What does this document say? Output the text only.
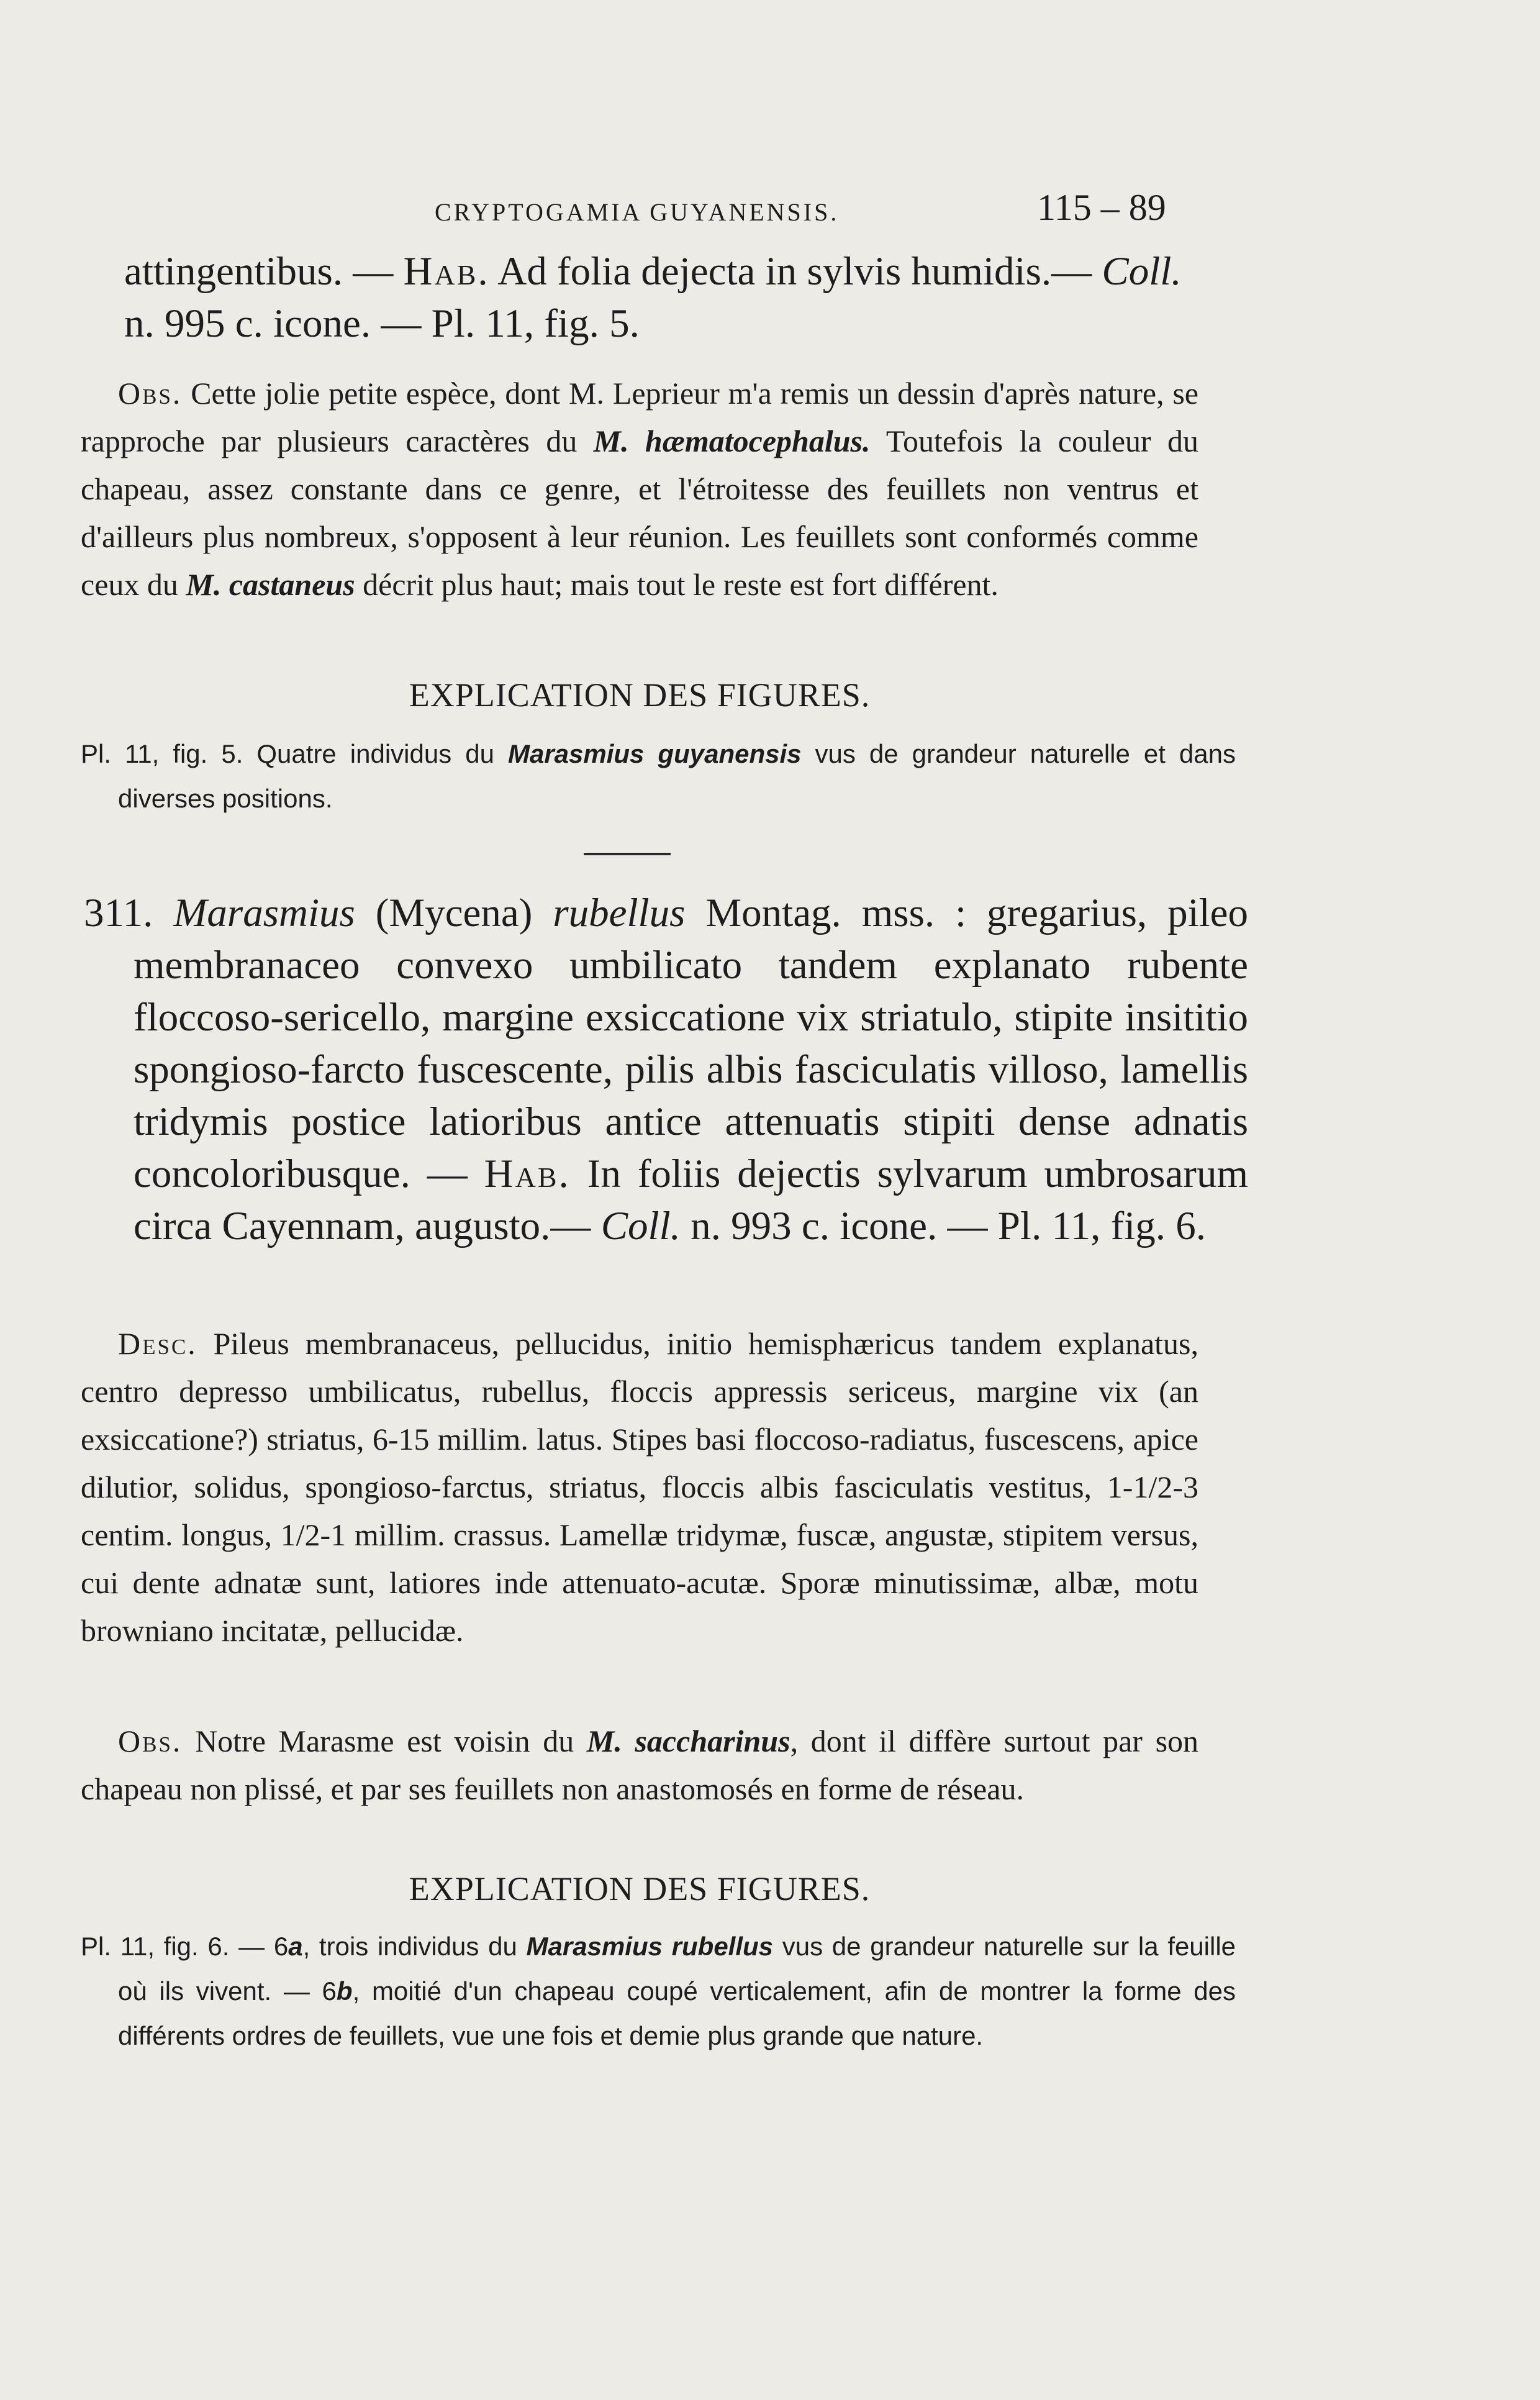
CRYPTOGAMIA GUYANENSIS.	115 – 89
attingentibus. — Hab. Ad folia dejecta in sylvis humidis.— Coll.
n. 995 c. icone. — Pl. 11, fig. 5.
Obs. Cette jolie petite espèce, dont M. Leprieur m'a remis un dessin d'après nature, se rapproche par plusieurs caractères du M. hæmatocephalus. Toutefois la couleur du chapeau, assez constante dans ce genre, et l'étroitesse des feuillets non ventrus et d'ailleurs plus nombreux, s'opposent à leur réunion. Les feuillets sont conformés comme ceux du M. castaneus décrit plus haut; mais tout le reste est fort différent.
EXPLICATION DES FIGURES.
Pl. 11, fig. 5. Quatre individus du Marasmius guyanensis vus de grandeur naturelle et dans diverses positions.
311. Marasmius (Mycena) rubellus Montag. mss. : gregarius, pileo membranaceo convexo umbilicato tandem explanato rubente floccoso-sericello, margine exsiccatione vix striatulo, stipite insititio spongioso-farcto fuscescente, pilis albis fasciculatis villoso, lamellis tridymis postice latioribus antice attenuatis stipiti dense adnatis concoloribusque. — Hab. In foliis dejectis sylvarum umbrosarum circa Cayennam, augusto.— Coll. n. 993 c. icone. — Pl. 11, fig. 6.
Desc. Pileus membranaceus, pellucidus, initio hemisphæricus tandem explanatus, centro depresso umbilicatus, rubellus, floccis appressis sericeus, margine vix (an exsiccatione?) striatus, 6-15 millim. latus. Stipes basi floccoso-radiatus, fuscescens, apice dilutior, solidus, spongioso-farctus, striatus, floccis albis fasciculatis vestitus, 1-1/2-3 centim. longus, 1/2-1 millim. crassus. Lamellæ tridymæ, fuscæ, angustæ, stipitem versus, cui dente adnatæ sunt, latiores inde attenuato-acutæ. Sporæ minutissimæ, albæ, motu browniano incitatæ, pellucidæ.
Obs. Notre Marasme est voisin du M. saccharinus, dont il diffère surtout par son chapeau non plissé, et par ses feuillets non anastomosés en forme de réseau.
EXPLICATION DES FIGURES.
Pl. 11, fig. 6. — 6a, trois individus du Marasmius rubellus vus de grandeur naturelle sur la feuille où ils vivent. — 6b, moitié d'un chapeau coupé verticalement, afin de montrer la forme des différents ordres de feuillets, vue une fois et demie plus grande que nature.
